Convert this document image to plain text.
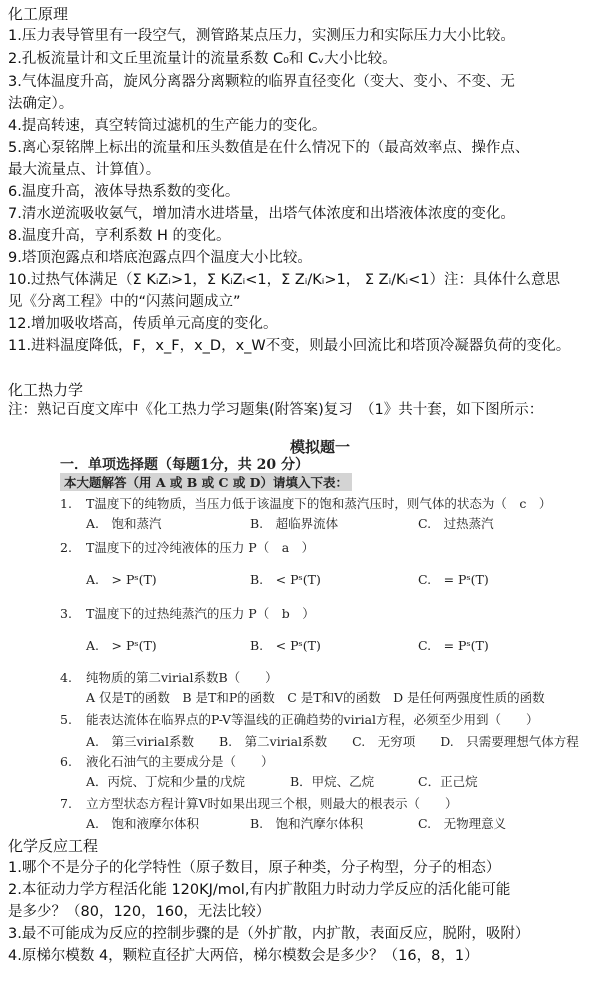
化工原理
1.压力表导管里有一段空气，测管路某点压力，实测压力和实际压力大小比较。
2.孔板流量计和文丘里流量计的流量系数 C₀和 Cᵥ大小比较。
3.气体温度升高，旋风分离器分离颗粒的临界直径变化（变大、变小、不变、无
法确定）。
4.提高转速，真空转筒过滤机的生产能力的变化。
5.离心泵铭牌上标出的流量和压头数值是在什么情况下的（最高效率点、操作点、
最大流量点、计算值）。
6.温度升高，液体导热系数的变化。
7.清水逆流吸收氨气，增加清水进塔量，出塔气体浓度和出塔液体浓度的变化。
8.温度升高，亨利系数 H 的变化。
9.塔顶泡露点和塔底泡露点四个温度大小比较。
10.过热气体满足（Σ KᵢZᵢ>1，Σ KᵢZᵢ<1，Σ Zᵢ/Kᵢ>1， Σ Zᵢ/Kᵢ<1）注：具体什么意思
见《分离工程》中的“闪蒸问题成立”
12.增加吸收塔高，传质单元高度的变化。
11.进料温度降低，F，x_F，x_D，x_W不变，则最小回流比和塔顶冷凝器负荷的变化。
化工热力学
注：熟记百度文库中《化工热力学习题集(附答案)复习　（1》共十套，如下图所示：
模拟题一
一．单项选择题（每题1分，共 20 分）
本大题解答（用 A 或 B 或 C 或 D）请填入下表：
1. T温度下的纯物质，当压力低于该温度下的饱和蒸汽压时，则气体的状态为（　c　）
A.　饱和蒸汽	B.　超临界流体	C.　过热蒸汽
2. T温度下的过冷纯液体的压力 P（　a　）
A.　> Pˢ(T)	B.　< Pˢ(T)	C.　= Pˢ(T)
3. T温度下的过热纯蒸汽的压力 P（　b　）
A.　> Pˢ(T)	B.　< Pˢ(T)	C.　= Pˢ(T)
4. 纯物质的第二virial系数B（　　）
A 仅是T的函数　B 是T和P的函数　C 是T和V的函数　D 是任何两强度性质的函数
5. 能表达流体在临界点的P-V等温线的正确趋势的virial方程，必须至少用到（　　）
A.　第三virial系数　　B.　第二virial系数　　C.　无穷项　　D.　只需要理想气体方程
6. 液化石油气的主要成分是（　　）
A．丙烷、丁烷和少量的戊烷	B．甲烷、乙烷	C．正己烷
7. 立方型状态方程计算V时如果出现三个根，则最大的根表示（　　）
A.　饱和液摩尔体积	B.　饱和汽摩尔体积	C.　无物理意义
化学反应工程
1.哪个不是分子的化学特性（原子数目，原子种类，分子构型，分子的相态）
2.本征动力学方程活化能 120KJ/mol,有内扩散阻力时动力学反应的活化能可能
是多少？（80，120，160，无法比较）
3.最不可能成为反应的控制步骤的是（外扩散，内扩散，表面反应，脱附，吸附）
4.原梯尔模数 4，颗粒直径扩大两倍，梯尔模数会是多少？（16，8，1）
